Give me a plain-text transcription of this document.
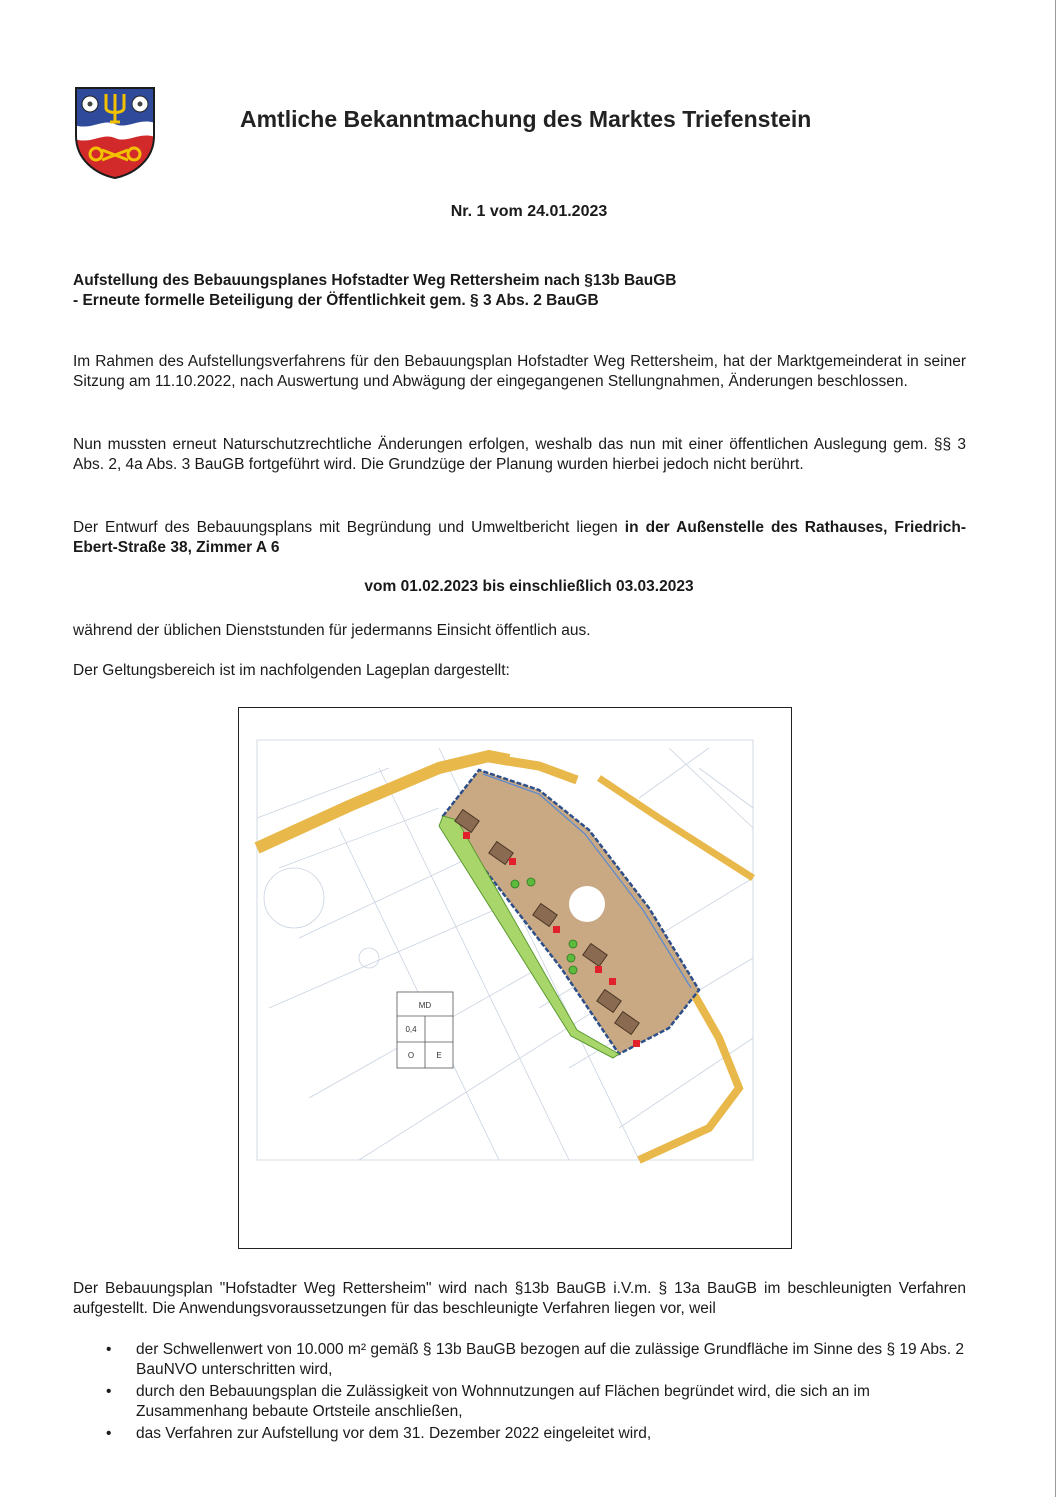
Amtliche Bekanntmachung des Marktes Triefenstein
Nr. 1 vom 24.01.2023
Aufstellung des Bebauungsplanes Hofstadter Weg Rettersheim nach §13b BauGB
- Erneute formelle Beteiligung der Öffentlichkeit gem. § 3 Abs. 2 BauGB
Im Rahmen des Aufstellungsverfahrens für den Bebauungsplan Hofstadter Weg Rettersheim, hat der Marktgemeinderat in seiner Sitzung am 11.10.2022, nach Auswertung und Abwägung der eingegangenen Stellungnahmen, Änderungen beschlossen.
Nun mussten erneut Naturschutzrechtliche Änderungen erfolgen, weshalb das nun mit einer öffentlichen Auslegung gem. §§ 3 Abs. 2, 4a Abs. 3 BauGB fortgeführt wird. Die Grundzüge der Planung wurden hierbei jedoch nicht berührt.
Der Entwurf des Bebauungsplans mit Begründung und Umweltbericht liegen in der Außenstelle des Rathauses, Friedrich-Ebert-Straße 38, Zimmer A 6
vom 01.02.2023 bis einschließlich 03.03.2023
während der üblichen Dienststunden für jedermanns Einsicht öffentlich aus.
Der Geltungsbereich ist im nachfolgenden Lageplan dargestellt:
MD
0,4
O	E
Der Bebauungsplan "Hofstadter Weg Rettersheim" wird nach §13b BauGB i.V.m. § 13a BauGB im beschleunigten Verfahren aufgestellt. Die Anwendungsvoraussetzungen für das beschleunigte Verfahren liegen vor, weil
• der Schwellenwert von 10.000 m² gemäß § 13b BauGB bezogen auf die zulässige Grundfläche im Sinne des § 19 Abs. 2 BauNVO unterschritten wird,
• durch den Bebauungsplan die Zulässigkeit von Wohnnutzungen auf Flächen begründet wird, die sich an im Zusammenhang bebaute Ortsteile anschließen,
• das Verfahren zur Aufstellung vor dem 31. Dezember 2022 eingeleitet wird,
